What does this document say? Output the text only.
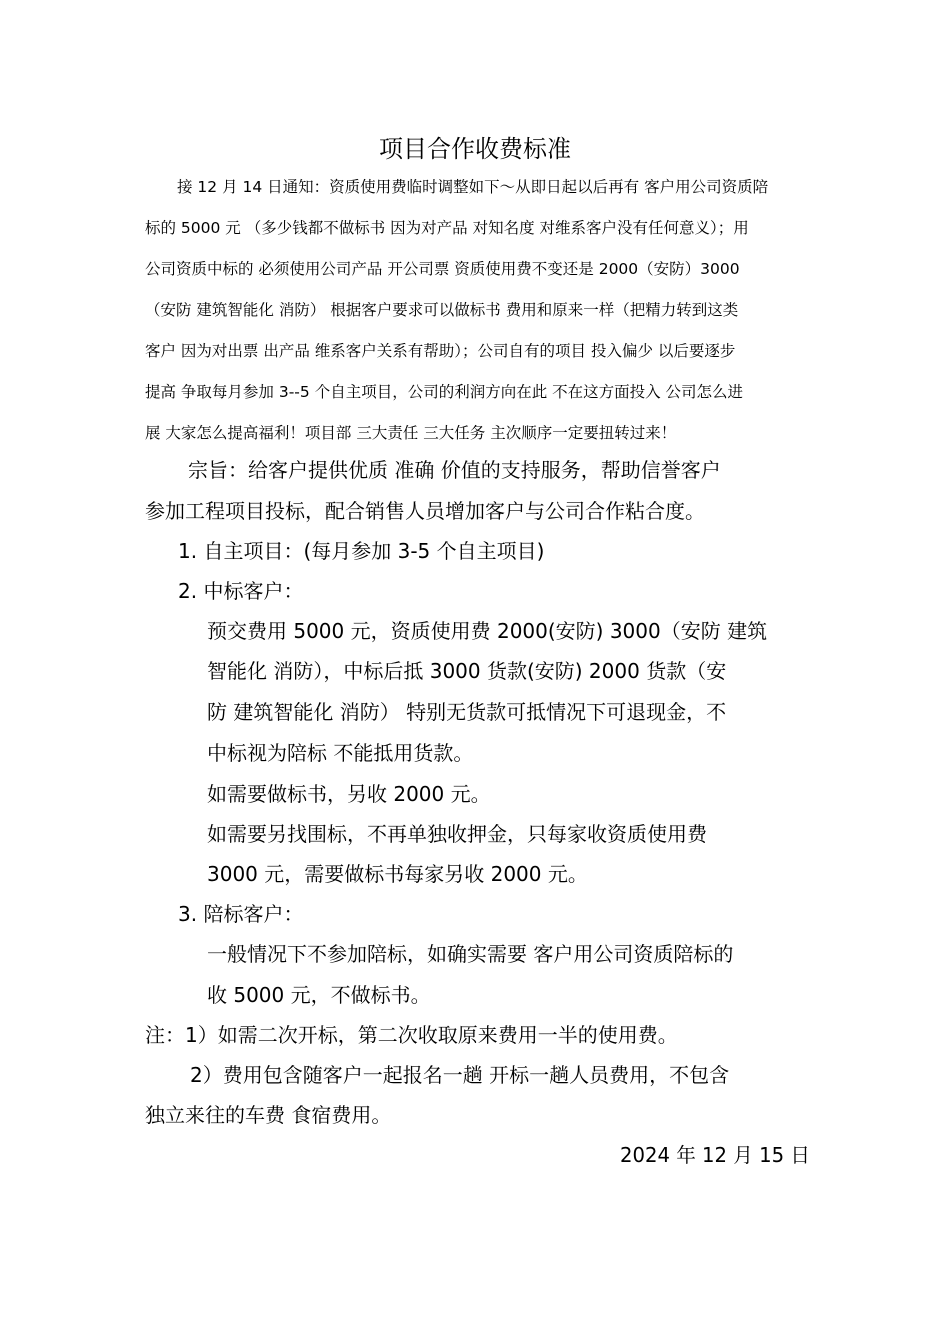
项目合作收费标准
接 12 月 14 日通知：资质使用费临时调整如下～从即日起以后再有 客户用公司资质陪
标的 5000 元 （多少钱都不做标书 因为对产品 对知名度 对维系客户没有任何意义）；用
公司资质中标的 必须使用公司产品 开公司票 资质使用费不变还是 2000（安防）3000
（安防 建筑智能化 消防） 根据客户要求可以做标书 费用和原来一样（把精力转到这类
客户 因为对出票 出产品 维系客户关系有帮助）；公司自有的项目 投入偏少 以后要逐步
提高 争取每月参加 3--5 个自主项目，公司的利润方向在此 不在这方面投入 公司怎么进
展 大家怎么提高福利！项目部 三大责任 三大任务 主次顺序一定要扭转过来！
宗旨：给客户提供优质 准确 价值的支持服务，帮助信誉客户
参加工程项目投标，配合销售人员增加客户与公司合作粘合度。
1. 自主项目：(每月参加 3-5 个自主项目)
2. 中标客户：
预交费用 5000 元，资质使用费 2000(安防) 3000（安防 建筑
智能化 消防），中标后抵 3000 货款(安防) 2000 货款（安
防 建筑智能化 消防） 特别无货款可抵情况下可退现金，不
中标视为陪标 不能抵用货款。
如需要做标书，另收 2000 元。
如需要另找围标，不再单独收押金，只每家收资质使用费
3000 元，需要做标书每家另收 2000 元。
3. 陪标客户：
一般情况下不参加陪标，如确实需要 客户用公司资质陪标的
收 5000 元，不做标书。
注：1）如需二次开标，第二次收取原来费用一半的使用费。
2）费用包含随客户一起报名一趟 开标一趟人员费用，不包含
独立来往的车费 食宿费用。
2024 年 12 月 15 日
